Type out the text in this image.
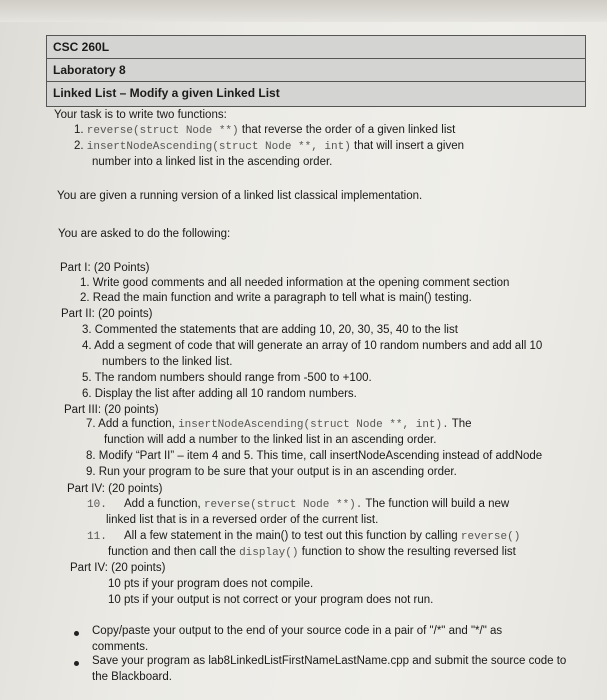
CSC 260L
Laboratory 8
Linked List – Modify a given Linked List
Your task is to write two functions:
1. reverse(struct Node **) that reverse the order of a given linked list
2. insertNodeAscending(struct Node **, int) that will insert a given
number into a linked list in the ascending order.
You are given a running version of a linked list classical implementation.
You are asked to do the following:
Part I: (20 Points)
1. Write good comments and all needed information at the opening comment section
2. Read the main function and write a paragraph to tell what is main() testing.
Part II: (20 points)
3. Commented the statements that are adding 10, 20, 30, 35, 40 to the list
4. Add a segment of code that will generate an array of 10 random numbers and add all 10
numbers to the linked list.
5. The random numbers should range from -500 to +100.
6. Display the list after adding all 10 random numbers.
Part III: (20 points)
7. Add a function, insertNodeAscending(struct Node **, int). The
function will add a number to the linked list in an ascending order.
8. Modify “Part II” – item 4 and 5. This time, call insertNodeAscending instead of addNode
9. Run your program to be sure that your output is in an ascending order.
Part IV: (20 points)
10. Add a function, reverse(struct Node **). The function will build a new
linked list that is in a reversed order of the current list.
11. All a few statement in the main() to test out this function by calling reverse()
function and then call the display() function to show the resulting reversed list
Part IV: (20 points)
10 pts if your program does not compile.
10 pts if your output is not correct or your program does not run.
Copy/paste your output to the end of your source code in a pair of "/*" and "*/" as
comments.
Save your program as lab8LinkedListFirstNameLastName.cpp and submit the source code to
the Blackboard.
